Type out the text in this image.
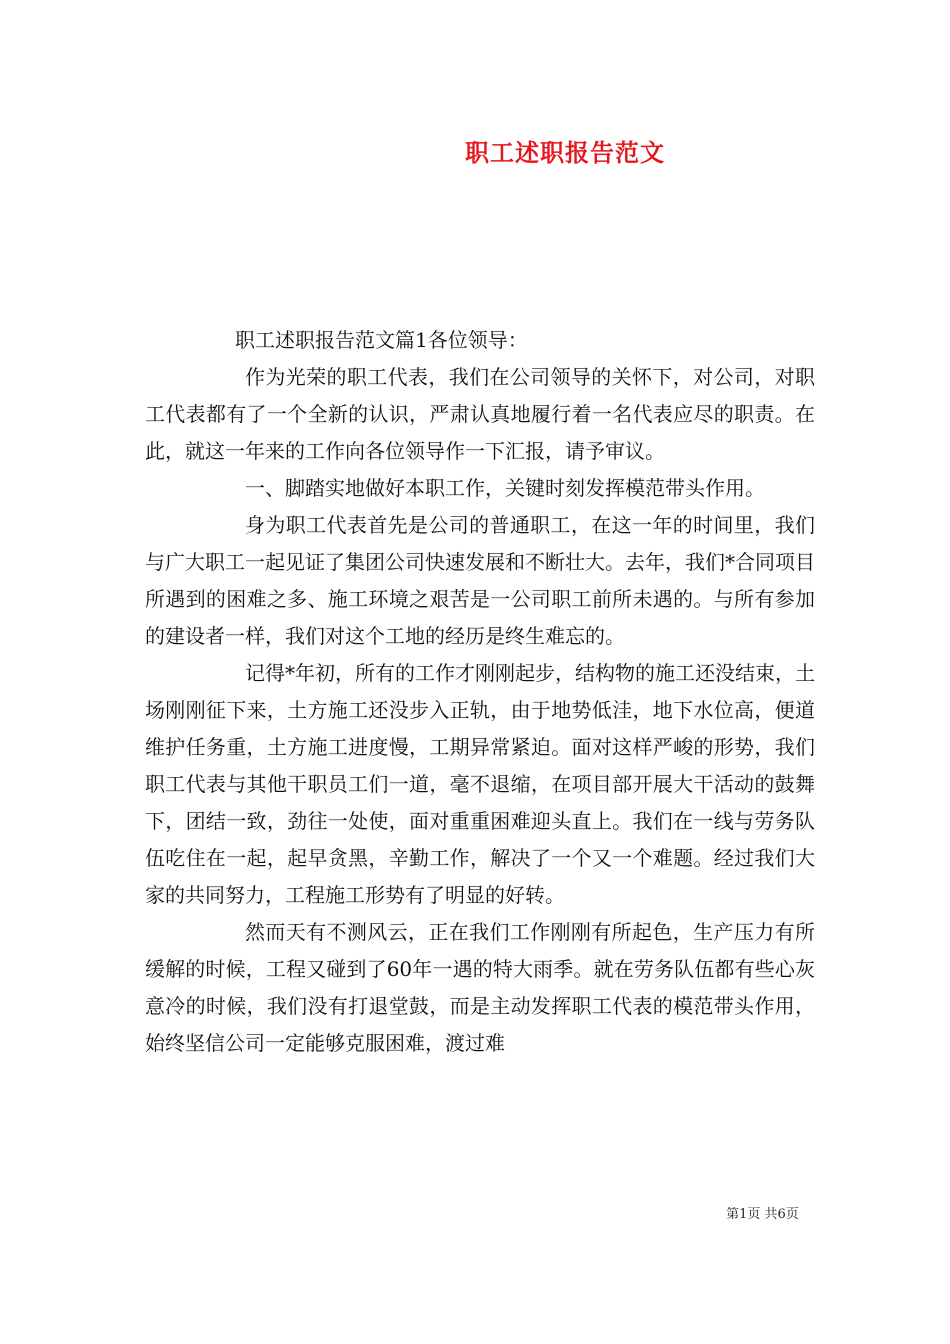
职工述职报告范文

职工述职报告范文篇1各位领导：

作为光荣的职工代表，我们在公司领导的关怀下，对公司，对职工代表都有了一个全新的认识，严肃认真地履行着一名代表应尽的职责。在此，就这一年来的工作向各位领导作一下汇报，请予审议。

一、脚踏实地做好本职工作，关键时刻发挥模范带头作用。

身为职工代表首先是公司的普通职工，在这一年的时间里，我们与广大职工一起见证了集团公司快速发展和不断壮大。去年，我们*合同项目所遇到的困难之多、施工环境之艰苦是一公司职工前所未遇的。与所有参加的建设者一样，我们对这个工地的经历是终生难忘的。

记得*年初，所有的工作才刚刚起步，结构物的施工还没结束，土场刚刚征下来，土方施工还没步入正轨，由于地势低洼，地下水位高，便道维护任务重，土方施工进度慢，工期异常紧迫。面对这样严峻的形势，我们职工代表与其他干职员工们一道，毫不退缩，在项目部开展大干活动的鼓舞下，团结一致，劲往一处使，面对重重困难迎头直上。我们在一线与劳务队伍吃住在一起，起早贪黑，辛勤工作，解决了一个又一个难题。经过我们大家的共同努力，工程施工形势有了明显的好转。

然而天有不测风云，正在我们工作刚刚有所起色，生产压力有所缓解的时候，工程又碰到了60年一遇的特大雨季。就在劳务队伍都有些心灰意冷的时候，我们没有打退堂鼓，而是主动发挥职工代表的模范带头作用，始终坚信公司一定能够克服困难，渡过难

第1页 共6页
